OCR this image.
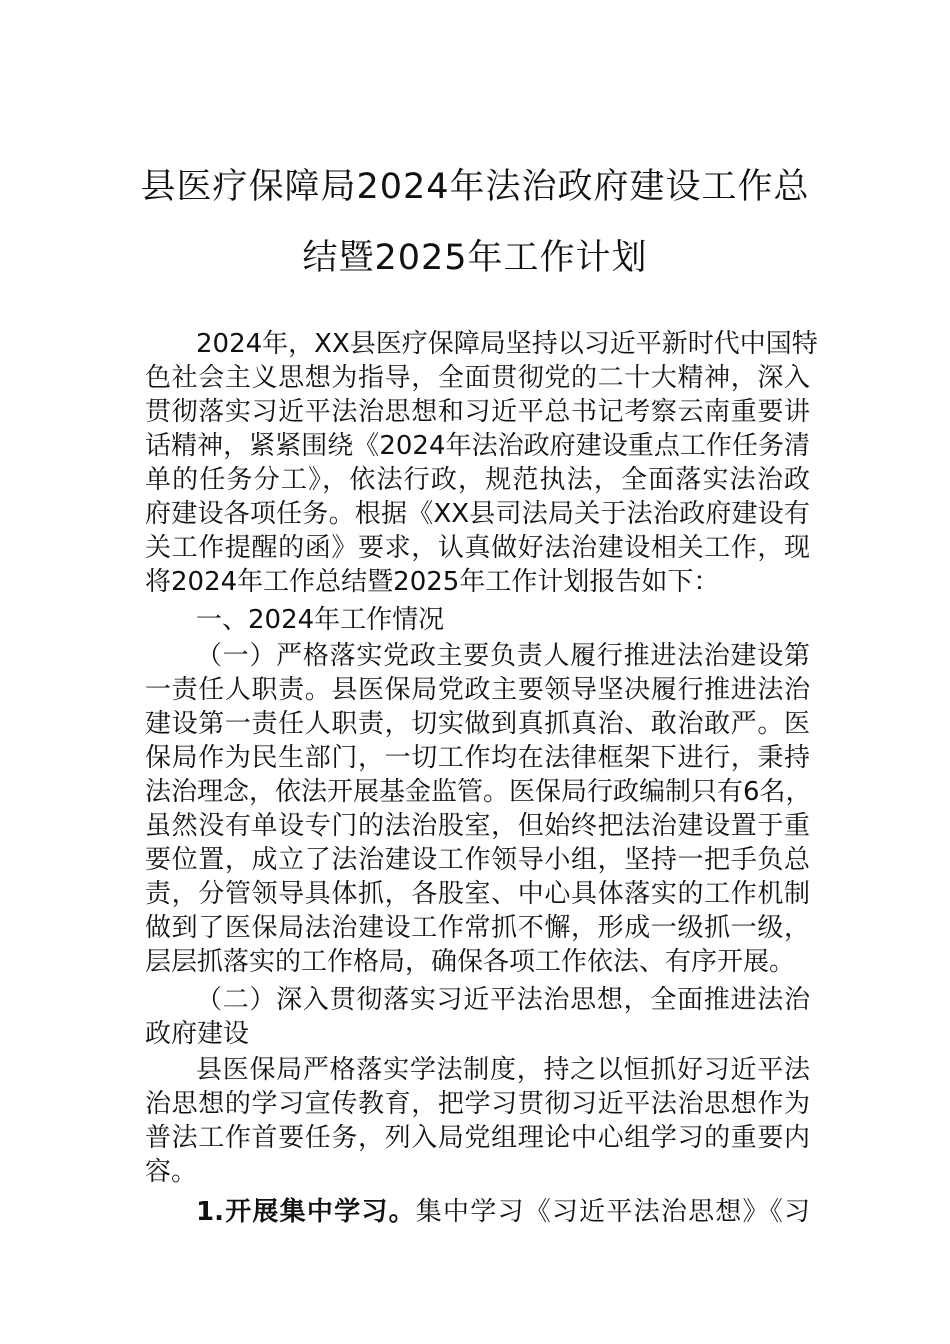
县医疗保障局2024年法治政府建设工作总
结暨2025年工作计划
2024年，XX县医疗保障局坚持以习近平新时代中国特
色社会主义思想为指导，全面贯彻党的二十大精神，深入
贯彻落实习近平法治思想和习近平总书记考察云南重要讲
话精神，紧紧围绕《2024年法治政府建设重点工作任务清
单的任务分工》，依法行政，规范执法，全面落实法治政
府建设各项任务。根据《XX县司法局关于法治政府建设有
关工作提醒的函》要求，认真做好法治建设相关工作，现
将2024年工作总结暨2025年工作计划报告如下：
一、2024年工作情况
（一）严格落实党政主要负责人履行推进法治建设第
一责任人职责。县医保局党政主要领导坚决履行推进法治
建设第一责任人职责，切实做到真抓真治、敢治敢严。医
保局作为民生部门，一切工作均在法律框架下进行，秉持
法治理念，依法开展基金监管。医保局行政编制只有6名，
虽然没有单设专门的法治股室，但始终把法治建设置于重
要位置，成立了法治建设工作领导小组，坚持一把手负总
责，分管领导具体抓，各股室、中心具体落实的工作机制
做到了医保局法治建设工作常抓不懈，形成一级抓一级，
层层抓落实的工作格局，确保各项工作依法、有序开展。
（二）深入贯彻落实习近平法治思想，全面推进法治
政府建设
县医保局严格落实学法制度，持之以恒抓好习近平法
治思想的学习宣传教育，把学习贯彻习近平法治思想作为
普法工作首要任务，列入局党组理论中心组学习的重要内
容。
1.开展集中学习。集中学习《习近平法治思想》《习
